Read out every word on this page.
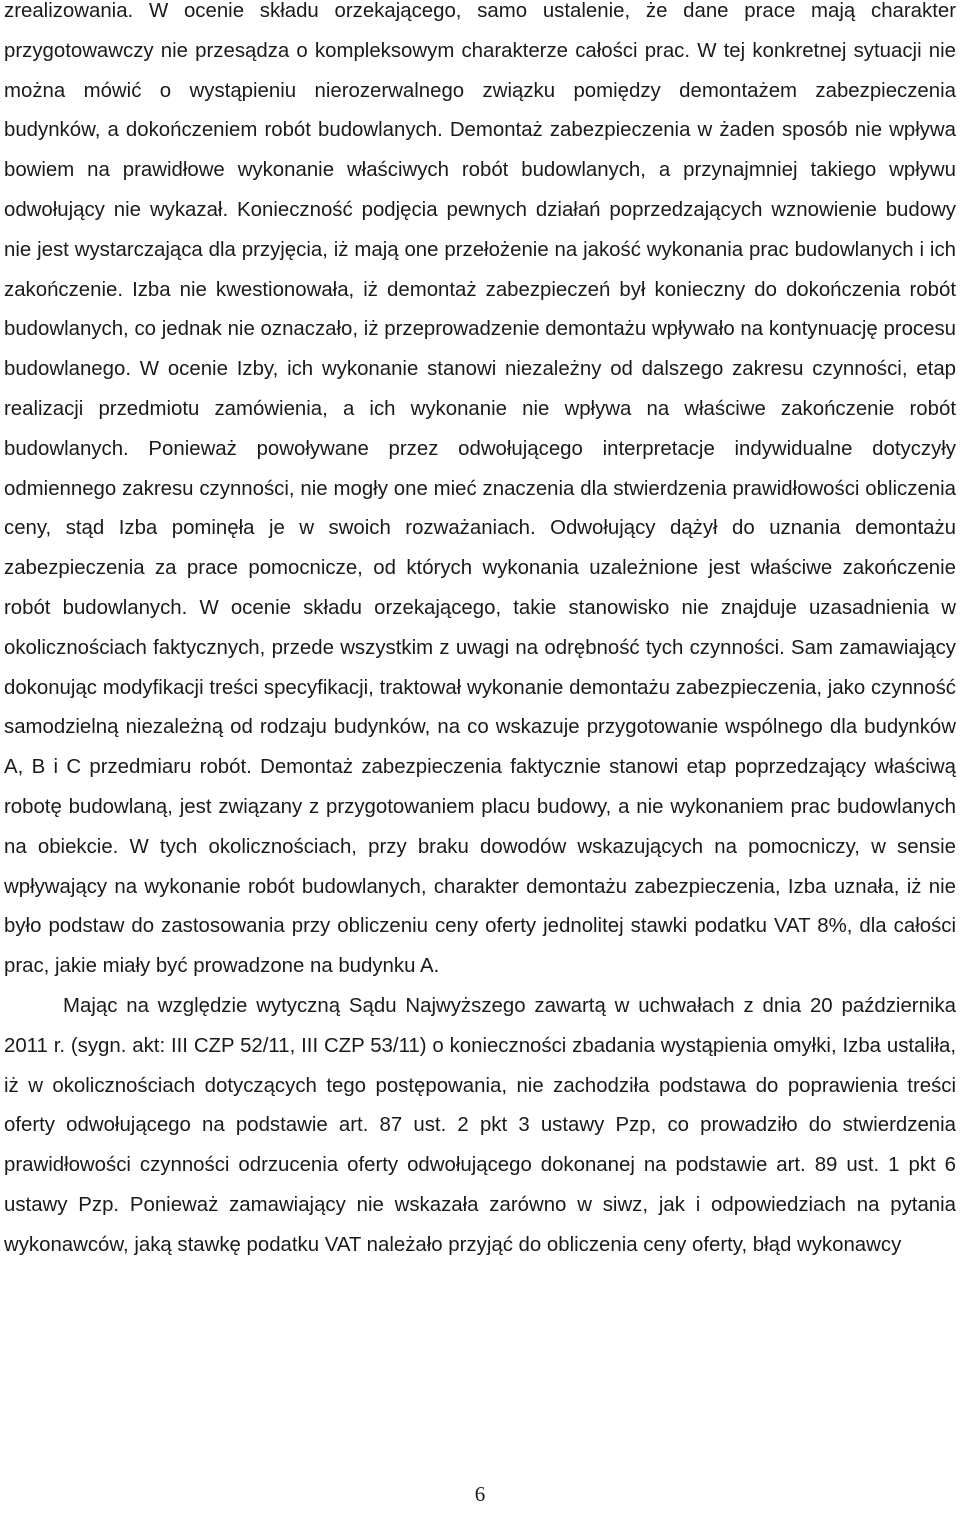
zrealizowania. W ocenie składu orzekającego, samo ustalenie, że dane prace mają charakter przygotowawczy nie przesądza o kompleksowym charakterze całości prac. W tej konkretnej sytuacji nie można mówić o wystąpieniu nierozerwalnego związku pomiędzy demontażem zabezpieczenia budynków, a dokończeniem robót budowlanych. Demontaż zabezpieczenia w żaden sposób nie wpływa bowiem na prawidłowe wykonanie właściwych robót budowlanych, a przynajmniej takiego wpływu odwołujący nie wykazał. Konieczność podjęcia pewnych działań poprzedzających wznowienie budowy nie jest wystarczająca dla przyjęcia, iż mają one przełożenie na jakość wykonania prac budowlanych i ich zakończenie. Izba nie kwestionowała, iż demontaż zabezpieczeń był konieczny do dokończenia robót budowlanych, co jednak nie oznaczało, iż przeprowadzenie demontażu wpływało na kontynuację procesu budowlanego. W ocenie Izby, ich wykonanie stanowi niezależny od dalszego zakresu czynności, etap realizacji przedmiotu zamówienia, a ich wykonanie nie wpływa na właściwe zakończenie robót budowlanych. Ponieważ powoływane przez odwołującego interpretacje indywidualne dotyczyły odmiennego zakresu czynności, nie mogły one mieć znaczenia dla stwierdzenia prawidłowości obliczenia ceny, stąd Izba pominęła je w swoich rozważaniach. Odwołujący dążył do uznania demontażu zabezpieczenia za prace pomocnicze, od których wykonania uzależnione jest właściwe zakończenie robót budowlanych. W ocenie składu orzekającego, takie stanowisko nie znajduje uzasadnienia w okolicznościach faktycznych, przede wszystkim z uwagi na odrębność tych czynności. Sam zamawiający dokonując modyfikacji treści specyfikacji, traktował wykonanie demontażu zabezpieczenia, jako czynność samodzielną niezależną od rodzaju budynków, na co wskazuje przygotowanie wspólnego dla budynków A, B i C przedmiaru robót. Demontaż zabezpieczenia faktycznie stanowi etap poprzedzający właściwą robotę budowlaną, jest związany z przygotowaniem placu budowy, a nie wykonaniem prac budowlanych na obiekcie. W tych okolicznościach, przy braku dowodów wskazujących na pomocniczy, w sensie wpływający na wykonanie robót budowlanych, charakter demontażu zabezpieczenia, Izba uznała, iż nie było podstaw do zastosowania przy obliczeniu ceny oferty jednolitej stawki podatku VAT 8%, dla całości prac, jakie miały być prowadzone na budynku A.

Mając na względzie wytyczną Sądu Najwyższego zawartą w uchwałach z dnia 20 października 2011 r. (sygn. akt: III CZP 52/11, III CZP 53/11) o konieczności zbadania wystąpienia omyłki, Izba ustaliła, iż w okolicznościach dotyczących tego postępowania, nie zachodziła podstawa do poprawienia treści oferty odwołującego na podstawie art. 87 ust. 2 pkt 3 ustawy Pzp, co prowadziło do stwierdzenia prawidłowości czynności odrzucenia oferty odwołującego dokonanej na podstawie art. 89 ust. 1 pkt 6 ustawy Pzp. Ponieważ zamawiający nie wskazała zarówno w siwz, jak i odpowiedziach na pytania wykonawców, jaką stawkę podatku VAT należało przyjąć do obliczenia ceny oferty, błąd wykonawcy

6
